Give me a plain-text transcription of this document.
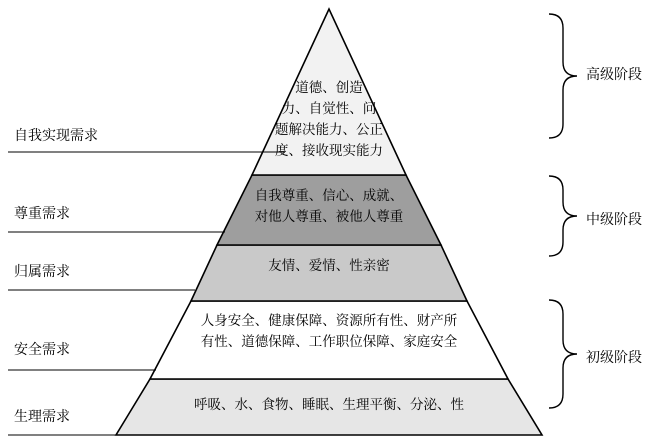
道德、创造
力、自觉性、问
题解决能力、公正
度、接收现实能力
自我尊重、信心、成就、
对他人尊重、被他人尊重
友情、爱情、性亲密
人身安全、健康保障、资源所有性、财产所
有性、道德保障、工作职位保障、家庭安全
呼吸、水、食物、睡眠、生理平衡、分泌、性
自我实现需求
尊重需求
归属需求
安全需求
生理需求
高级阶段
中级阶段
初级阶段
